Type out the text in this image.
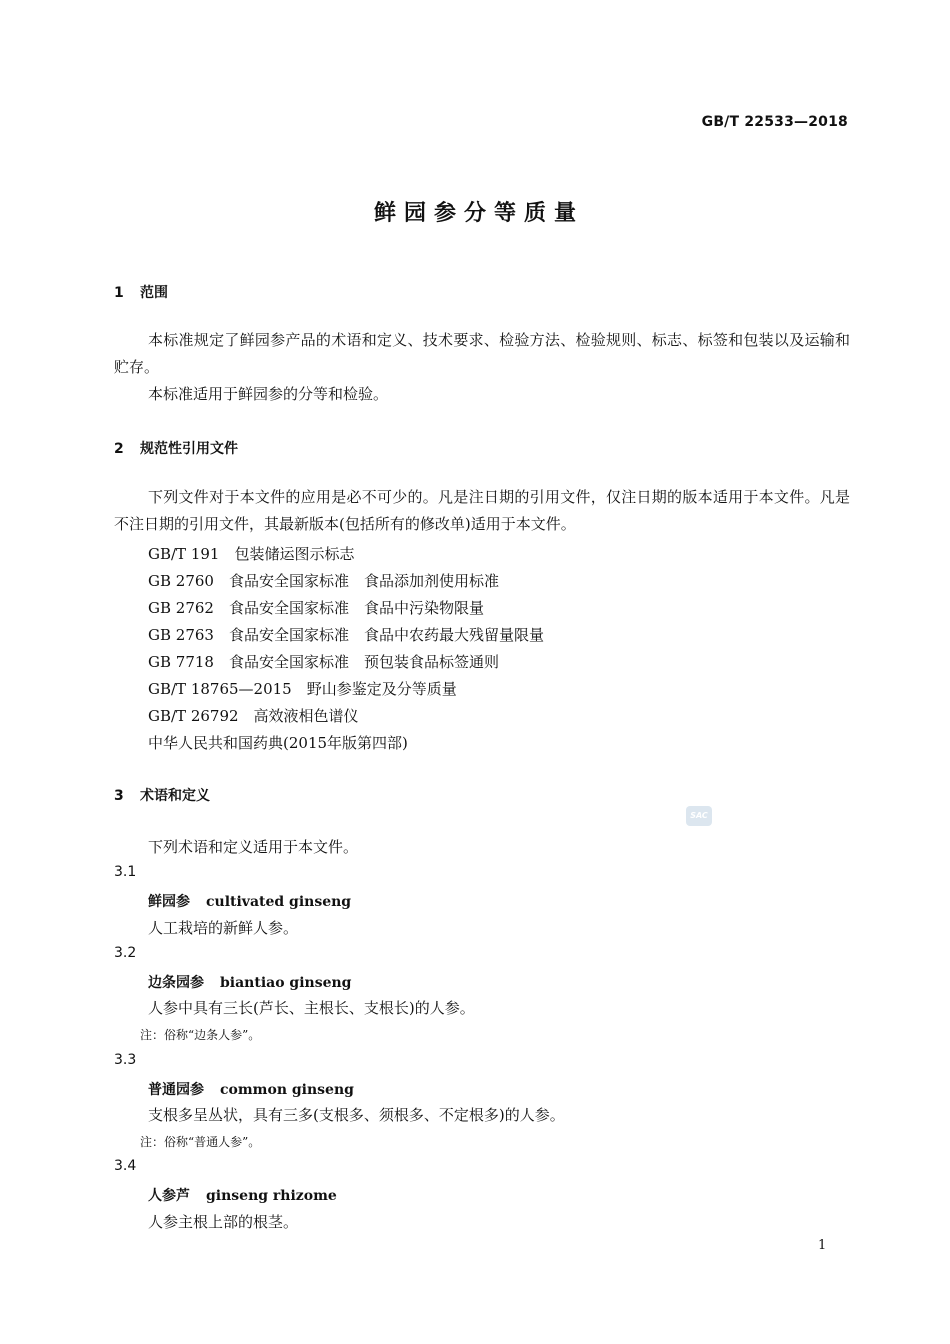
GB/T 22533—2018
鲜园参分等质量
1 范围
本标准规定了鲜园参产品的术语和定义、技术要求、检验方法、检验规则、标志、标签和包装以及运输和贮存。
本标准适用于鲜园参的分等和检验。
2 规范性引用文件
下列文件对于本文件的应用是必不可少的。凡是注日期的引用文件，仅注日期的版本适用于本文件。凡是不注日期的引用文件，其最新版本(包括所有的修改单)适用于本文件。
GB/T 191　包装储运图示标志
GB 2760　食品安全国家标准　食品添加剂使用标准
GB 2762　食品安全国家标准　食品中污染物限量
GB 2763　食品安全国家标准　食品中农药最大残留量限量
GB 7718　食品安全国家标准　预包装食品标签通则
GB/T 18765—2015　野山参鉴定及分等质量
GB/T 26792　高效液相色谱仪
中华人民共和国药典(2015年版第四部)
3 术语和定义
SAC
下列术语和定义适用于本文件。
3.1
鲜园参 cultivated ginseng
人工栽培的新鲜人参。
3.2
边条园参 biantiao ginseng
人参中具有三长(芦长、主根长、支根长)的人参。
注：俗称“边条人参”。
3.3
普通园参 common ginseng
支根多呈丛状，具有三多(支根多、须根多、不定根多)的人参。
注：俗称“普通人参”。
3.4
人参芦 ginseng rhizome
人参主根上部的根茎。
1
